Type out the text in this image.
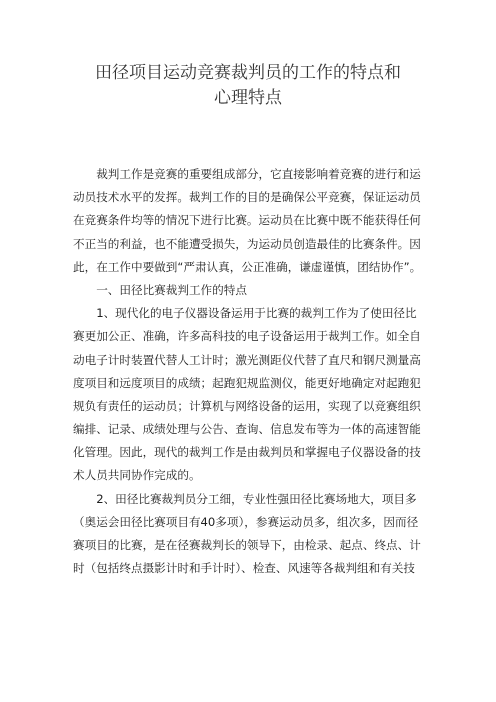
田径项目运动竞赛裁判员的工作的特点和
心理特点

　　裁判工作是竞赛的重要组成部分，它直接影响着竞赛的进行和运
动员技术水平的发挥。裁判工作的目的是确保公平竞赛，保证运动员
在竞赛条件均等的情况下进行比赛。运动员在比赛中既不能获得任何
不正当的利益，也不能遭受损失，为运动员创造最佳的比赛条件。因
此，在工作中要做到“严肃认真，公正准确，谦虚谨慎，团结协作”。

　　一、田径比赛裁判工作的特点

　　1、现代化的电子仪器设备运用于比赛的裁判工作为了使田径比
赛更加公正、准确，许多高科技的电子设备运用于裁判工作。如全自
动电子计时装置代替人工计时；激光测距仪代替了直尺和钢尺测量高
度项目和远度项目的成绩；起跑犯规监测仪，能更好地确定对起跑犯
规负有责任的运动员；计算机与网络设备的运用，实现了以竞赛组织
编排、记录、成绩处理与公告、查询、信息发布等为一体的高速智能
化管理。因此，现代的裁判工作是由裁判员和掌握电子仪器设备的技
术人员共同协作完成的。

　　2、田径比赛裁判员分工细，专业性强田径比赛场地大，项目多
（奥运会田径比赛项目有40多项），参赛运动员多，组次多，因而径
赛项目的比赛，是在径赛裁判长的领导下，由检录、起点、终点、计
时（包括终点摄影计时和手计时）、检查、风速等各裁判组和有关技
